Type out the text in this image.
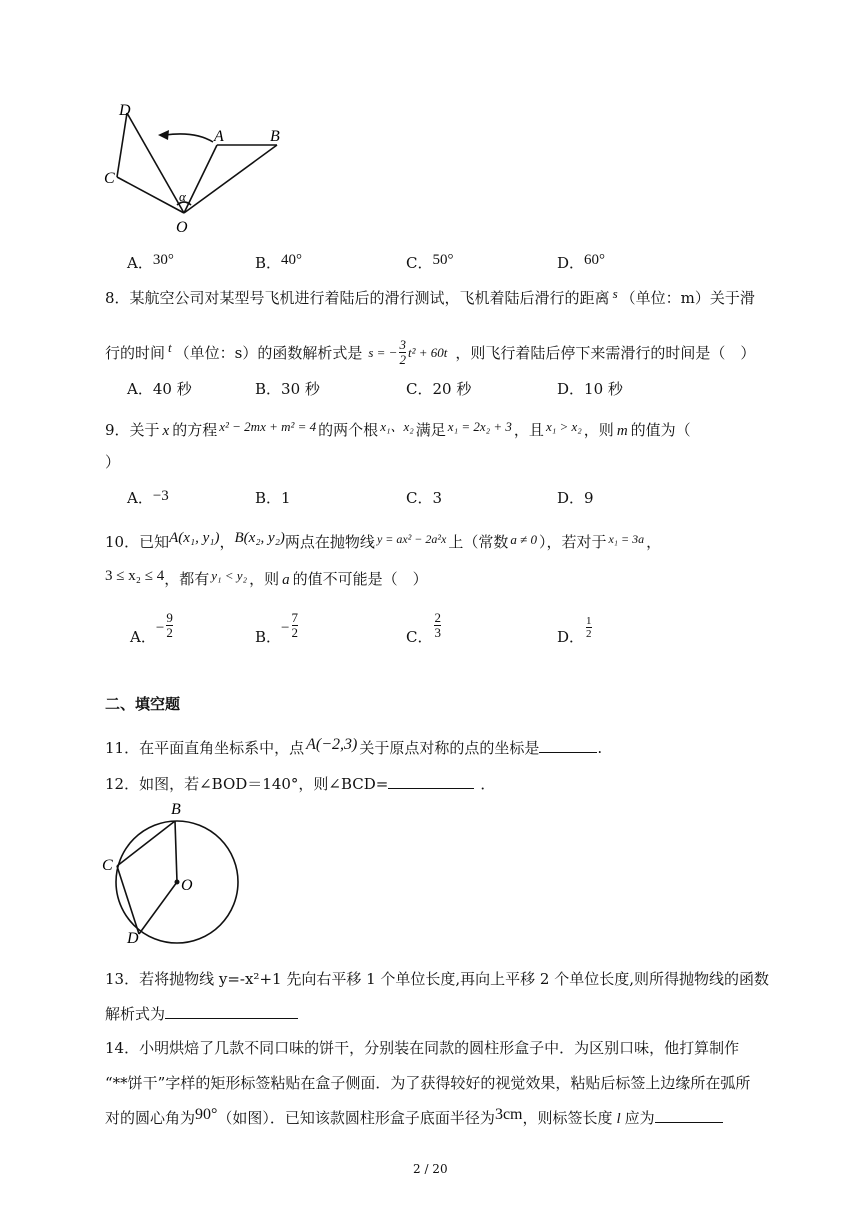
D
C
A	B
O
α
A．30°	B．40°	C．50°	D．60°
8．某航空公司对某型号飞机进行着陆后的滑行测试，飞机着陆后滑行的距离 s （单位：m）关于滑
行的时间 t （单位：s）的函数解析式是 s = − $\frac{3}{2} t^2 + 60t$ ，则飞行着陆后停下来需滑行的时间是（　）
A．40 秒	B．30 秒	C．20 秒	D．10 秒
9．关于 x 的方程 x² − 2mx + m² = 4 的两个根 x₁、x₂ 满足 x₁ = 2x₂ + 3 ，且 x₁ > x₂ ，则 m 的值为（
）
A．−3	B．1	C．3	D．9
10．已知A(x₁, y₁)，B(x₂, y₂)两点在抛物线 $^{y = ax^2 - 2a^2x}$ 上（常数 a ≠ 0 ），若对于 $^{x_1 = 3a}$ ，
3 ≤ x₂ ≤ 4，都有 y₁ < y₂ ，则 a 的值不可能是（　）
A． − $\frac{9}{2}$	B． − $\frac{7}{2}$	C． $\frac{2}{3}$	D． $\frac{1}{2}$
二、填空题
11．在平面直角坐标系中，点 A(−2,3) 关于原点对称的点的坐标是	.
12．如图，若∠BOD＝140°，则∠BCD=	．
B
C
O
D
13．若将抛物线 y=-x²+1 先向右平移 1 个单位长度,再向上平移 2 个单位长度,则所得抛物线的函数
解析式为
14．小明烘焙了几款不同口味的饼干，分别装在同款的圆柱形盒子中．为区别口味，他打算制作
“**饼干”字样的矩形标签粘贴在盒子侧面．为了获得较好的视觉效果，粘贴后标签上边缘所在弧所
对的圆心角为90°（如图）．已知该款圆柱形盒子底面半径为3cm，则标签长度 l 应为
2 / 20
